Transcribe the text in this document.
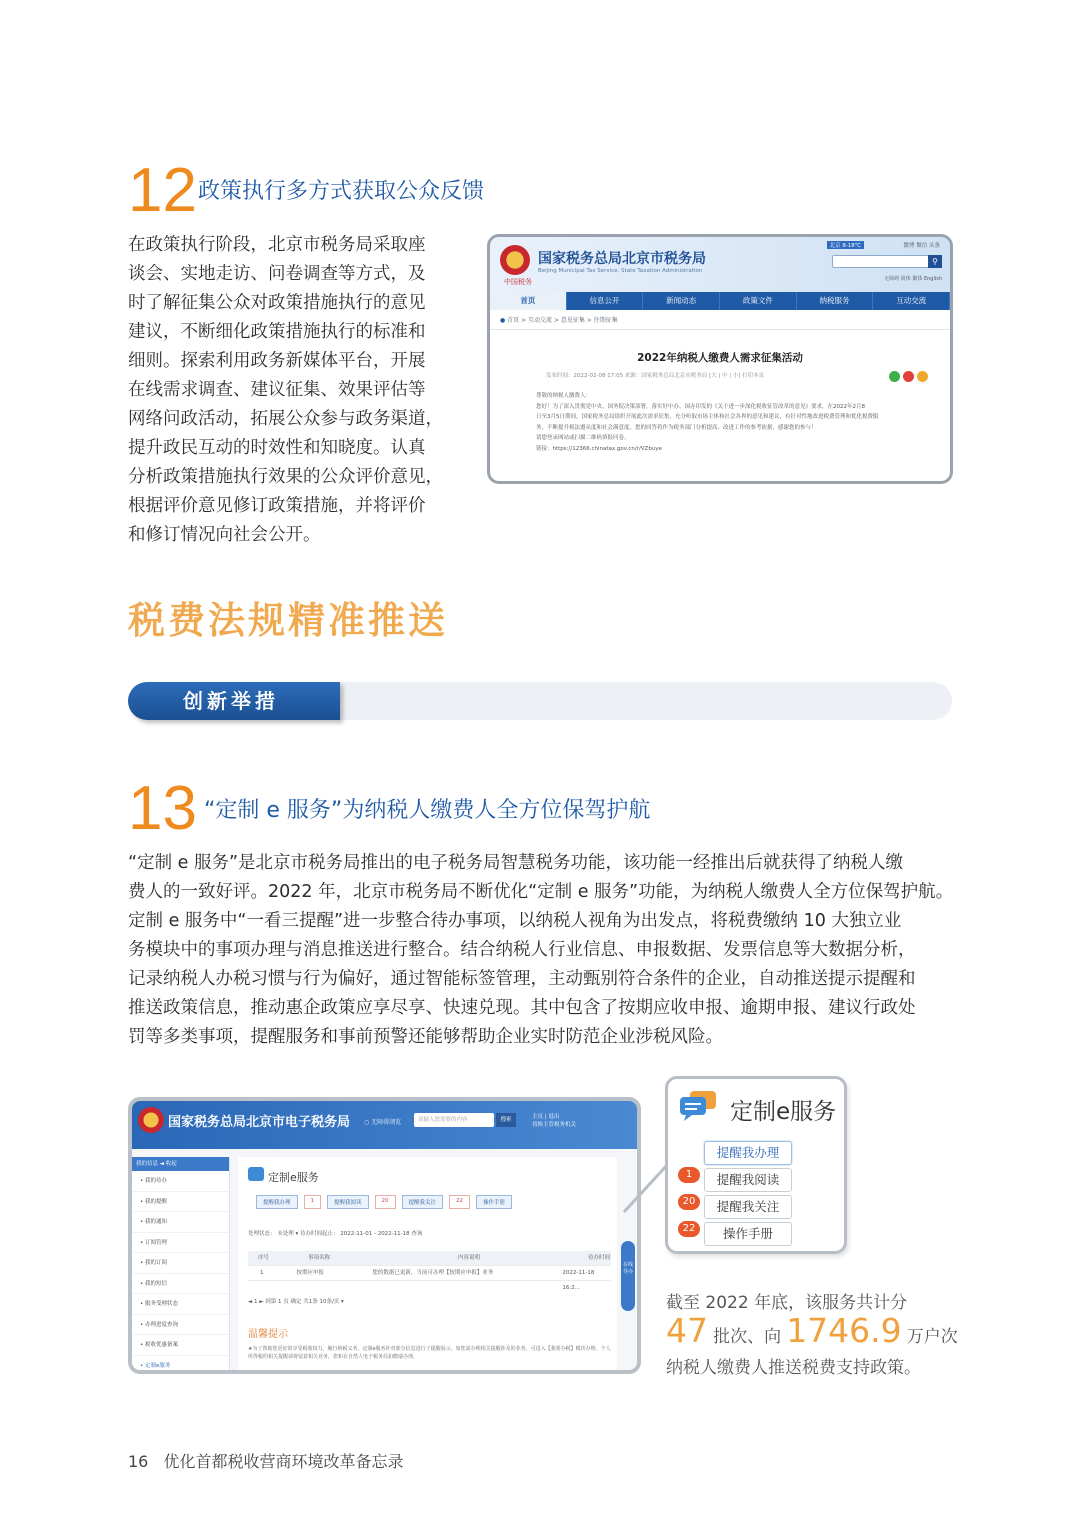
12 政策执行多方式获取公众反馈
在政策执行阶段，北京市税务局采取座
谈会、实地走访、问卷调查等方式，及
时了解征集公众对政策措施执行的意见
建议，不断细化政策措施执行的标准和
细则。探索利用政务新媒体平台，开展
在线需求调查、建议征集、效果评估等
网络问政活动，拓展公众参与政务渠道，
提升政民互动的时效性和知晓度。认真
分析政策措施执行效果的公众评价意见，
根据评价意见修订政策措施，并将评价
和修订情况向社会公开。
中国税务
国家税务总局北京市税务局
Beijing Municipal Tax Service, State Taxation Administration
北京 8-18℃	微博 微信 头条
⚲
无障碍 简体 繁体 English
首页	信息公开	新闻动态	政策文件	纳税服务	互动交流
● 首页 > 互动交流 > 意见征集 > 往期征集
2022年纳税人缴费人需求征集活动
发布时间：2022-02-08 17:05 来源：国家税务总局北京市税务局 [大 | 中 | 小] 打印本页
尊敬的纳税人缴费人：
您好！为了深入贯彻党中央、国务院决策部署，落实好中办、国办印发的《关于进一步深化税收征管改革的意见》要求，在2022年2月8
日至3月5日期间，国家税务总局组织开展此次需求征集，充分听取市场主体和社会各界的意见和建议，有针对性地改进税费管理和优化税费服
务，不断提升税法遵从度和社会满意度。您的回答将作为税务部门分析提高、改进工作的参考依据，感谢您的参与！
请您登录网站或扫描二维码填报问卷。
链接：https://12366.chinatax.gov.cn/r/VZbuye
税费法规精准推送
创新举措
13 “定制 e 服务”为纳税人缴费人全方位保驾护航
“定制 e 服务”是北京市税务局推出的电子税务局智慧税务功能，该功能一经推出后就获得了纳税人缴
费人的一致好评。2022 年，北京市税务局不断优化“定制 e 服务”功能，为纳税人缴费人全方位保驾护航。
定制 e 服务中“一看三提醒”进一步整合待办事项，以纳税人视角为出发点，将税费缴纳 10 大独立业
务模块中的事项办理与消息推送进行整合。结合纳税人行业信息、申报数据、发票信息等大数据分析，
记录纳税人办税习惯与行为偏好，通过智能标签管理，主动甄别符合条件的企业，自动推送提示提醒和
推送政策信息，推动惠企政策应享尽享、快速兑现。其中包含了按期应收申报、逾期申报、建议行政处
罚等多类事项，提醒服务和事前预警还能够帮助企业实时防范企业涉税风险。
国家税务总局北京市电子税务局 ○ 无障碍浏览	请输入您需要的内容	搜索	主页 | 退出
切换主管税务机关
我的信息 ◄ 收起
• 我的待办
• 我的提醒
• 我的通知
• 订阅管理
• 我的订阅
• 我的短信
• 服务受理状态
• 办理进度查询
• 税收优惠备案
• 定制e服务
定制e服务
提醒我办理	1	提醒我阅读	20	提醒我关注	22	操作手册
处理状态： 未处理 ▾ 待办时间起止： 2022-11-01 - 2022-11-18 查询
序号	事项名称	内容说明	待办时间
1	按期应申报	您的数据已更新，当前可办理【按期应申报】业务	2022-11-18 16:2...
◄ 1 ► 到第 1 页 确定 共1条 10条/页 ▾
温馨提示
★为了帮助您更好的享受税收权力、履行纳税义务，定制e服务针对部分信息进行了提醒展示。如您需办理相关提醒涉及的业务，可进入【我要办税】模块办理。个人所得税的相关提醒请将留意相关业务，您和在自然人电子税务局扣缴端办理。
在线导办
定制e服务
提醒我办理
1	提醒我阅读
20	提醒我关注
22	操作手册
截至 2022 年底，该服务共计分
47 批次、向 1746.9 万户次
纳税人缴费人推送税费支持政策。
16 优化首都税收营商环境改革备忘录
